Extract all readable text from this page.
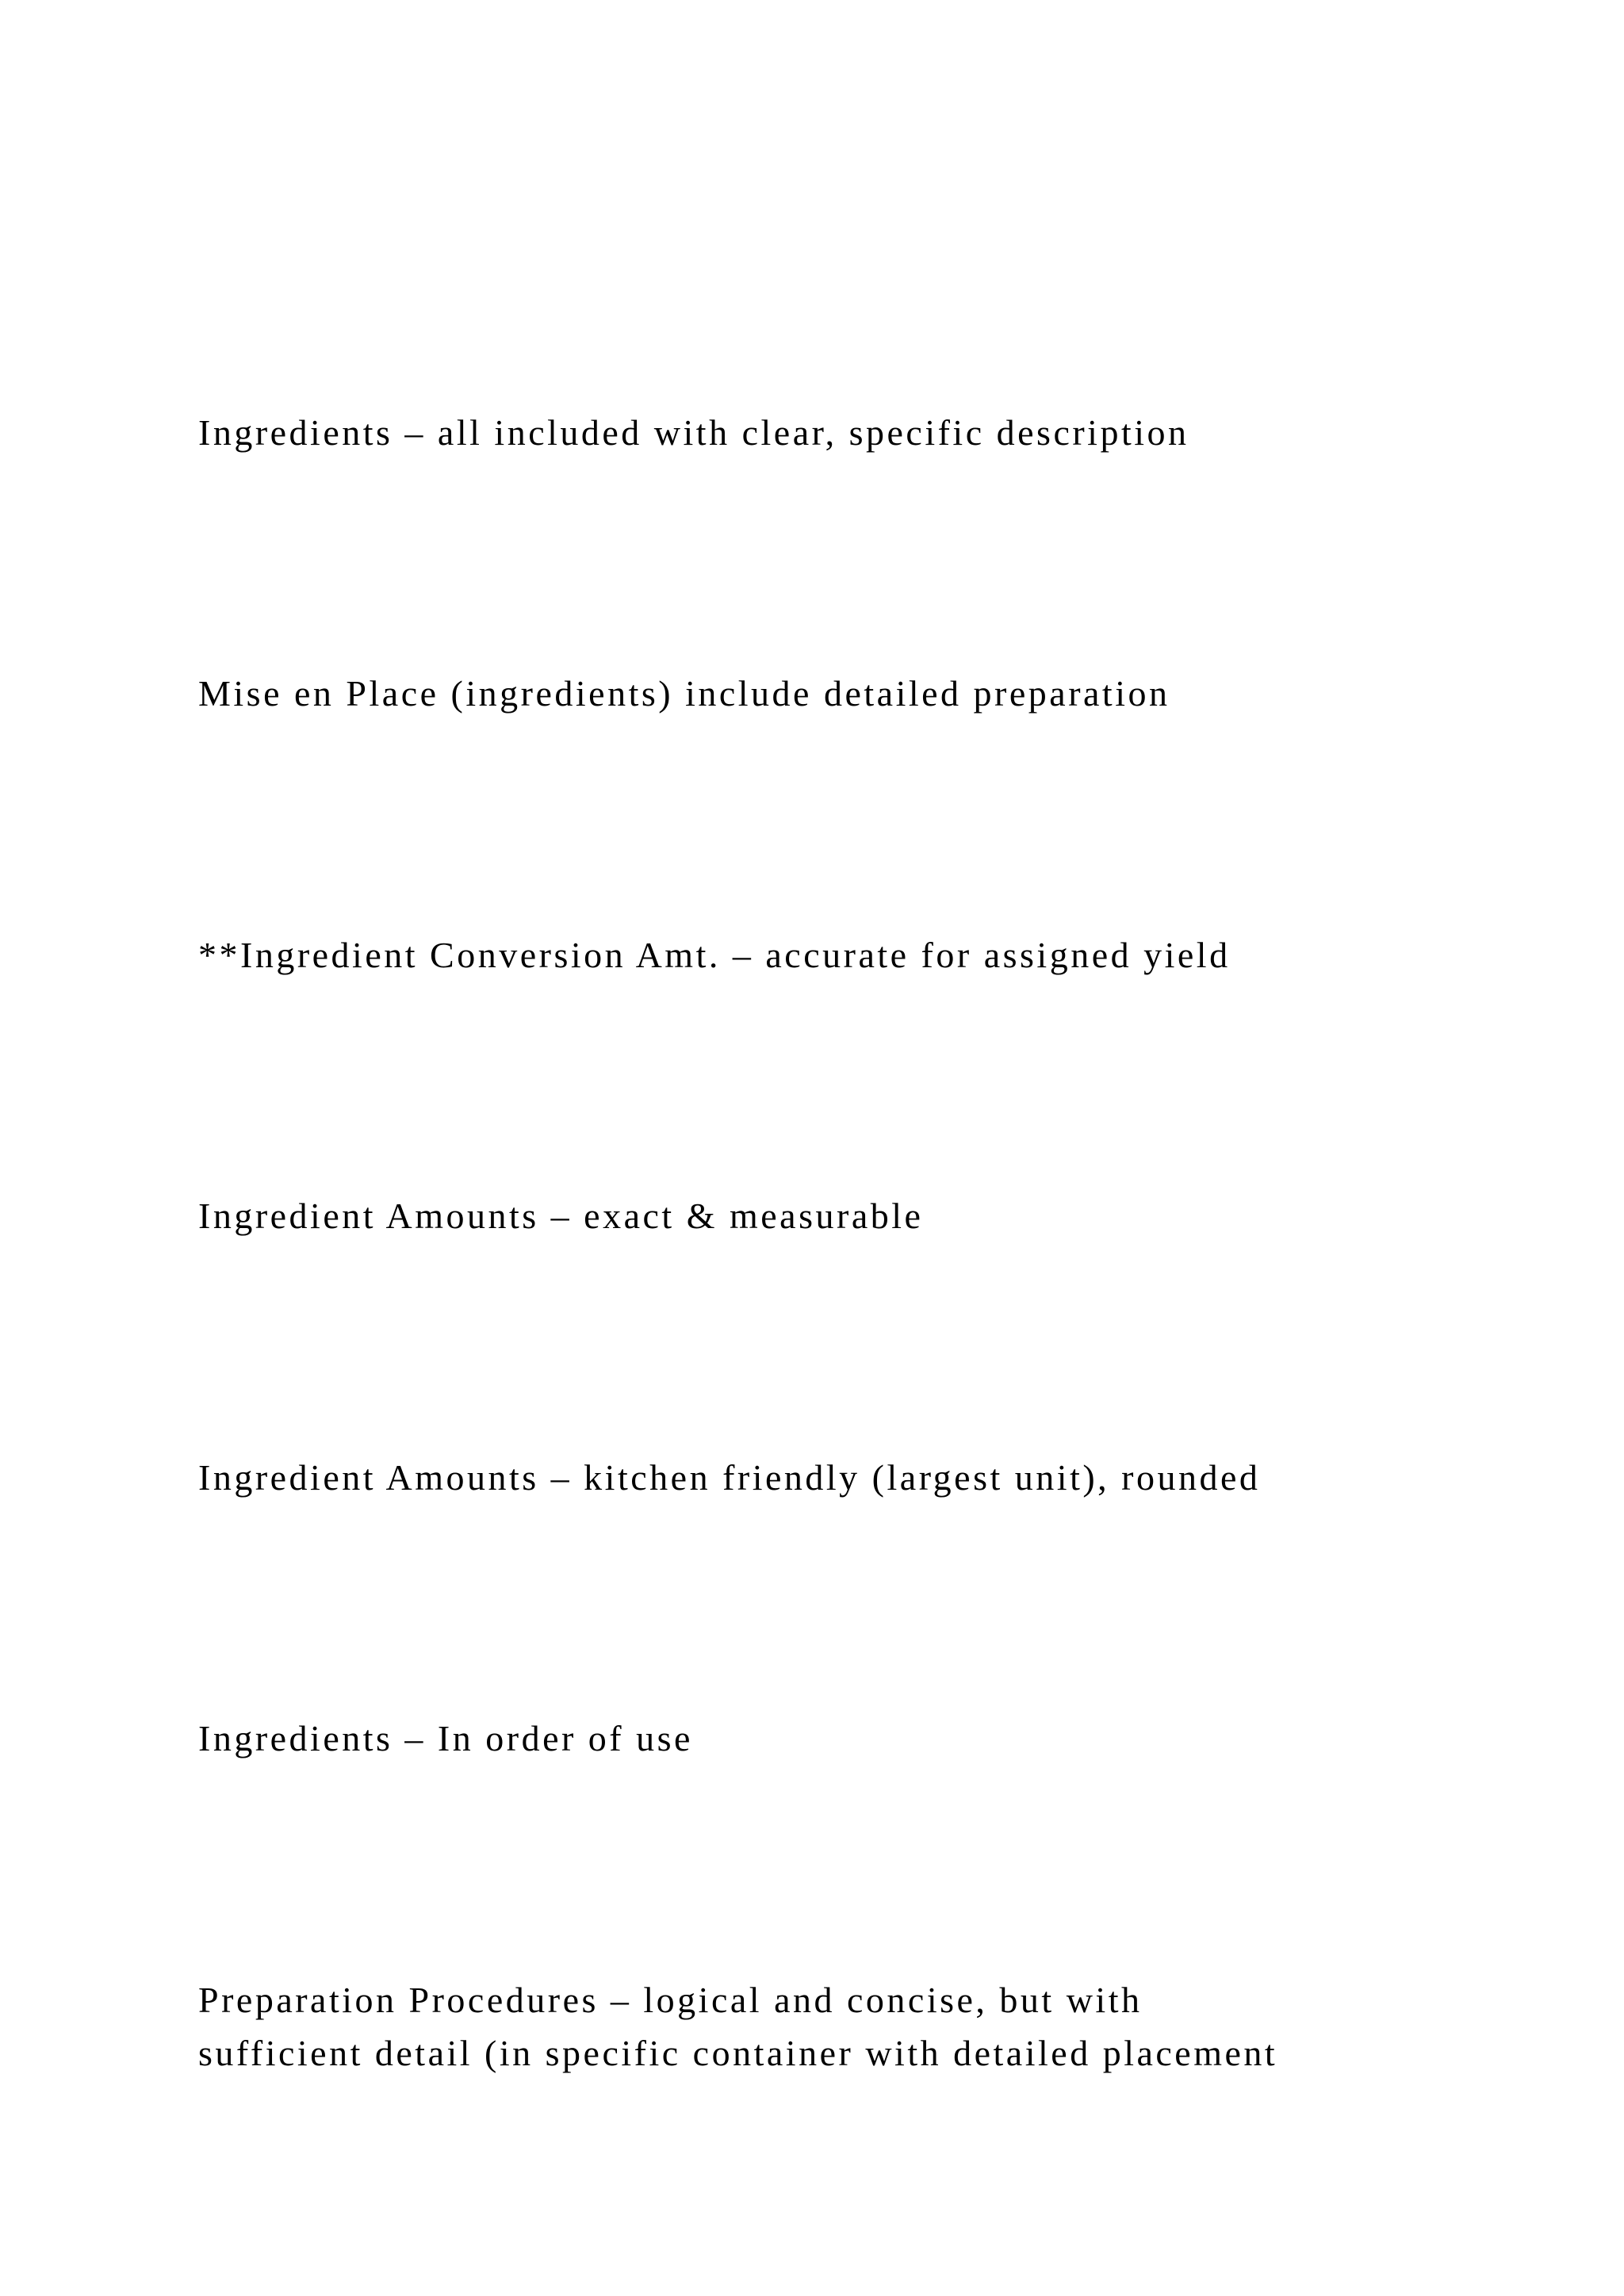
Ingredients – all included with clear, specific description
Mise en Place (ingredients) include detailed preparation
**Ingredient Conversion Amt. – accurate for assigned yield
Ingredient Amounts – exact & measurable
Ingredient Amounts – kitchen friendly (largest unit), rounded
Ingredients – In order of use
Preparation Procedures – logical and concise, but with
sufficient detail (in specific container with detailed placement
